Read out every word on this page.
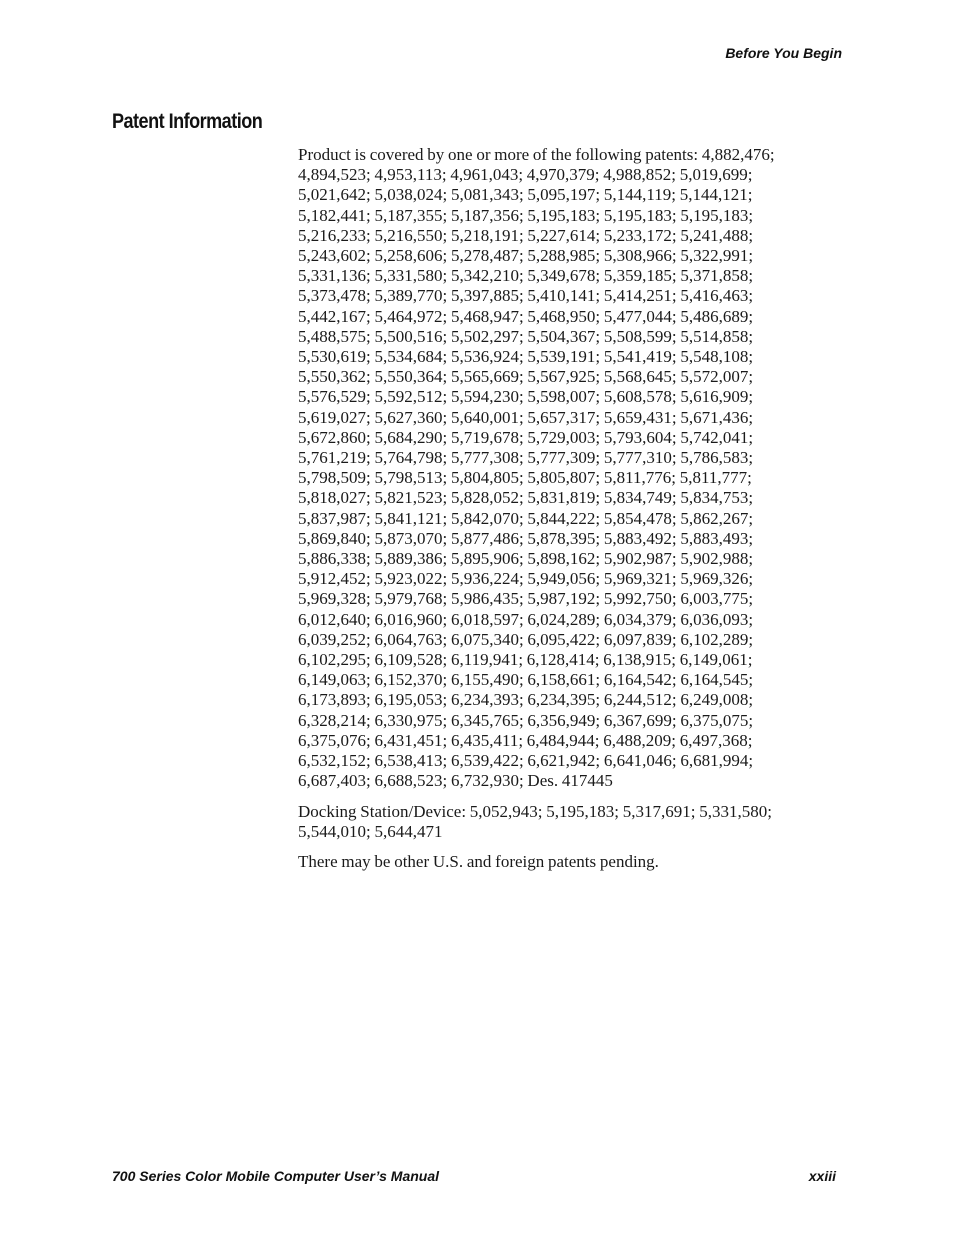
Before You Begin
Patent Information

Product is covered by one or more of the following patents: 4,882,476;
4,894,523; 4,953,113; 4,961,043; 4,970,379; 4,988,852; 5,019,699;
5,021,642; 5,038,024; 5,081,343; 5,095,197; 5,144,119; 5,144,121;
5,182,441; 5,187,355; 5,187,356; 5,195,183; 5,195,183; 5,195,183;
5,216,233; 5,216,550; 5,218,191; 5,227,614; 5,233,172; 5,241,488;
5,243,602; 5,258,606; 5,278,487; 5,288,985; 5,308,966; 5,322,991;
5,331,136; 5,331,580; 5,342,210; 5,349,678; 5,359,185; 5,371,858;
5,373,478; 5,389,770; 5,397,885; 5,410,141; 5,414,251; 5,416,463;
5,442,167; 5,464,972; 5,468,947; 5,468,950; 5,477,044; 5,486,689;
5,488,575; 5,500,516; 5,502,297; 5,504,367; 5,508,599; 5,514,858;
5,530,619; 5,534,684; 5,536,924; 5,539,191; 5,541,419; 5,548,108;
5,550,362; 5,550,364; 5,565,669; 5,567,925; 5,568,645; 5,572,007;
5,576,529; 5,592,512; 5,594,230; 5,598,007; 5,608,578; 5,616,909;
5,619,027; 5,627,360; 5,640,001; 5,657,317; 5,659,431; 5,671,436;
5,672,860; 5,684,290; 5,719,678; 5,729,003; 5,793,604; 5,742,041;
5,761,219; 5,764,798; 5,777,308; 5,777,309; 5,777,310; 5,786,583;
5,798,509; 5,798,513; 5,804,805; 5,805,807; 5,811,776; 5,811,777;
5,818,027; 5,821,523; 5,828,052; 5,831,819; 5,834,749; 5,834,753;
5,837,987; 5,841,121; 5,842,070; 5,844,222; 5,854,478; 5,862,267;
5,869,840; 5,873,070; 5,877,486; 5,878,395; 5,883,492; 5,883,493;
5,886,338; 5,889,386; 5,895,906; 5,898,162; 5,902,987; 5,902,988;
5,912,452; 5,923,022; 5,936,224; 5,949,056; 5,969,321; 5,969,326;
5,969,328; 5,979,768; 5,986,435; 5,987,192; 5,992,750; 6,003,775;
6,012,640; 6,016,960; 6,018,597; 6,024,289; 6,034,379; 6,036,093;
6,039,252; 6,064,763; 6,075,340; 6,095,422; 6,097,839; 6,102,289;
6,102,295; 6,109,528; 6,119,941; 6,128,414; 6,138,915; 6,149,061;
6,149,063; 6,152,370; 6,155,490; 6,158,661; 6,164,542; 6,164,545;
6,173,893; 6,195,053; 6,234,393; 6,234,395; 6,244,512; 6,249,008;
6,328,214; 6,330,975; 6,345,765; 6,356,949; 6,367,699; 6,375,075;
6,375,076; 6,431,451; 6,435,411; 6,484,944; 6,488,209; 6,497,368;
6,532,152; 6,538,413; 6,539,422; 6,621,942; 6,641,046; 6,681,994;
6,687,403; 6,688,523; 6,732,930; Des. 417445

Docking Station/Device: 5,052,943; 5,195,183; 5,317,691; 5,331,580;
5,544,010; 5,644,471

There may be other U.S. and foreign patents pending.

700 Series Color Mobile Computer User’s Manual	xxiii
